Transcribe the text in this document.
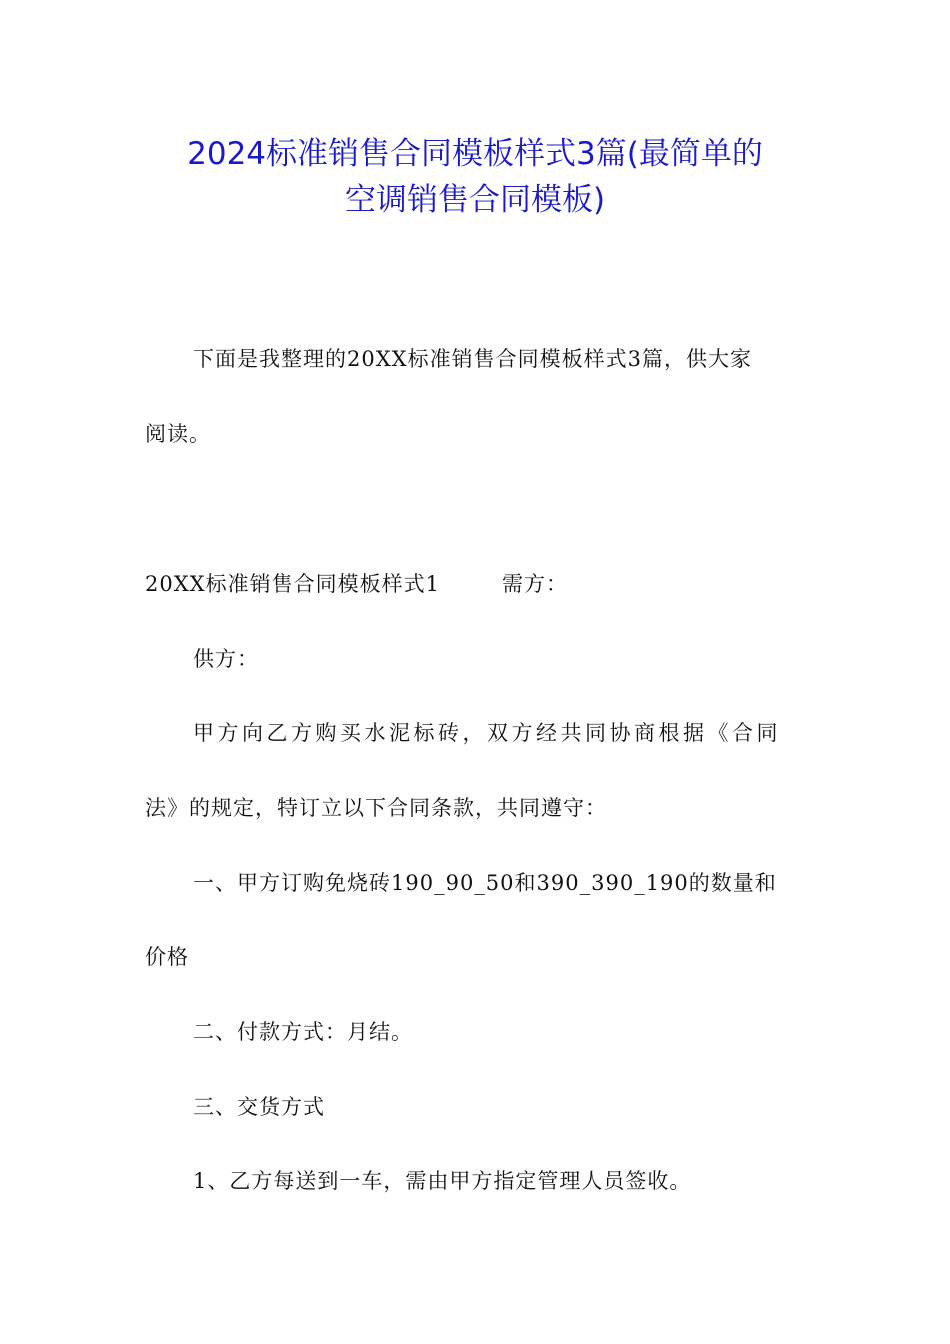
2024标准销售合同模板样式3篇(最简单的
空调销售合同模板)
下面是我整理的20XX标准销售合同模板样式3篇，供大家
阅读。
20XX标准销售合同模板样式1	需方：
供方：
甲方向乙方购买水泥标砖，双方经共同协商根据《合同
法》的规定，特订立以下合同条款，共同遵守：
一、甲方订购免烧砖190_90_50和390_390_190的数量和
价格
二、付款方式：月结。
三、交货方式
1、乙方每送到一车，需由甲方指定管理人员签收。
